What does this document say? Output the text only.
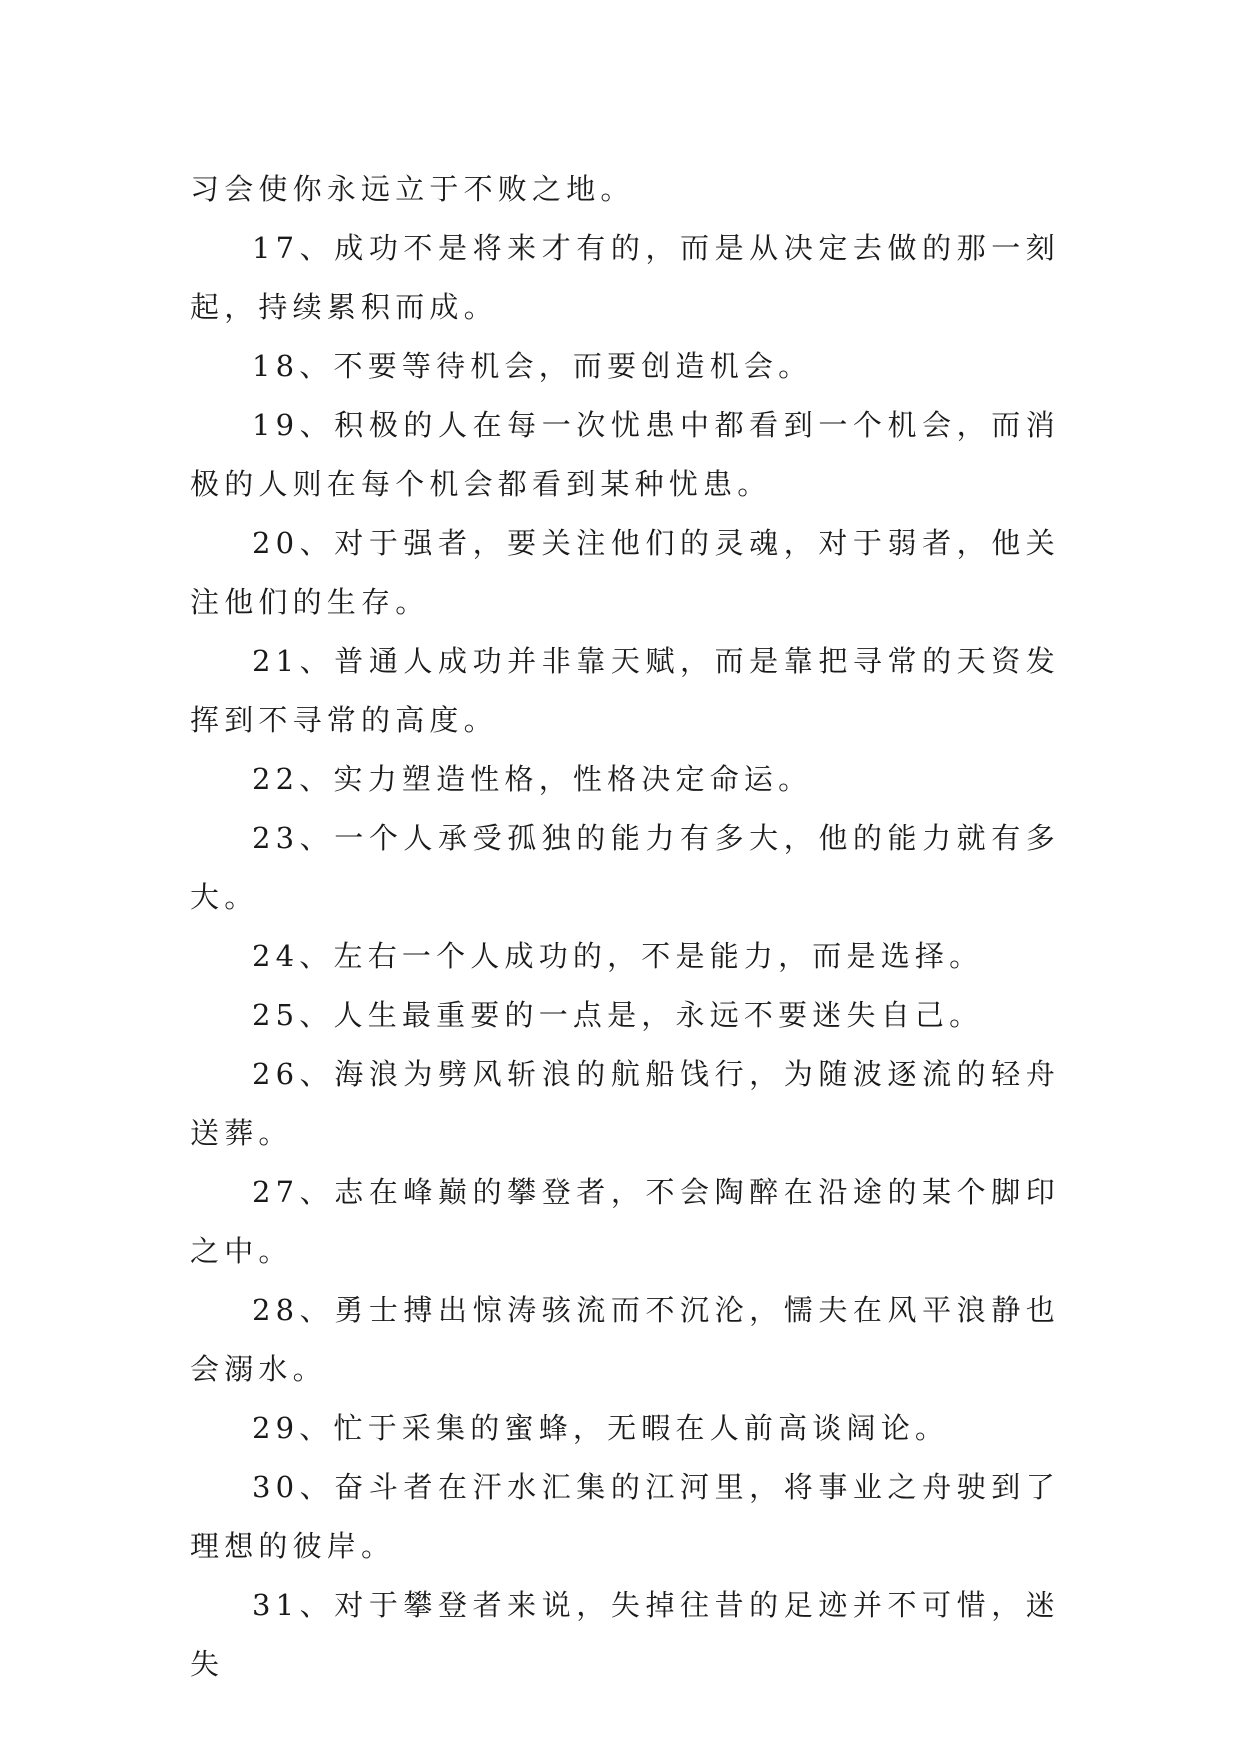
习会使你永远立于不败之地。

17、成功不是将来才有的，而是从决定去做的那一刻起，持续累积而成。

18、不要等待机会，而要创造机会。

19、积极的人在每一次忧患中都看到一个机会，而消极的人则在每个机会都看到某种忧患。

20、对于强者，要关注他们的灵魂，对于弱者，他关注他们的生存。

21、普通人成功并非靠天赋，而是靠把寻常的天资发挥到不寻常的高度。

22、实力塑造性格，性格决定命运。

23、一个人承受孤独的能力有多大，他的能力就有多大。

24、左右一个人成功的，不是能力，而是选择。

25、人生最重要的一点是，永远不要迷失自己。

26、海浪为劈风斩浪的航船饯行，为随波逐流的轻舟送葬。

27、志在峰巅的攀登者，不会陶醉在沿途的某个脚印之中。

28、勇士搏出惊涛骇流而不沉沦，懦夫在风平浪静也会溺水。

29、忙于采集的蜜蜂，无暇在人前高谈阔论。

30、奋斗者在汗水汇集的江河里，将事业之舟驶到了理想的彼岸。

31、对于攀登者来说，失掉往昔的足迹并不可惜，迷失
